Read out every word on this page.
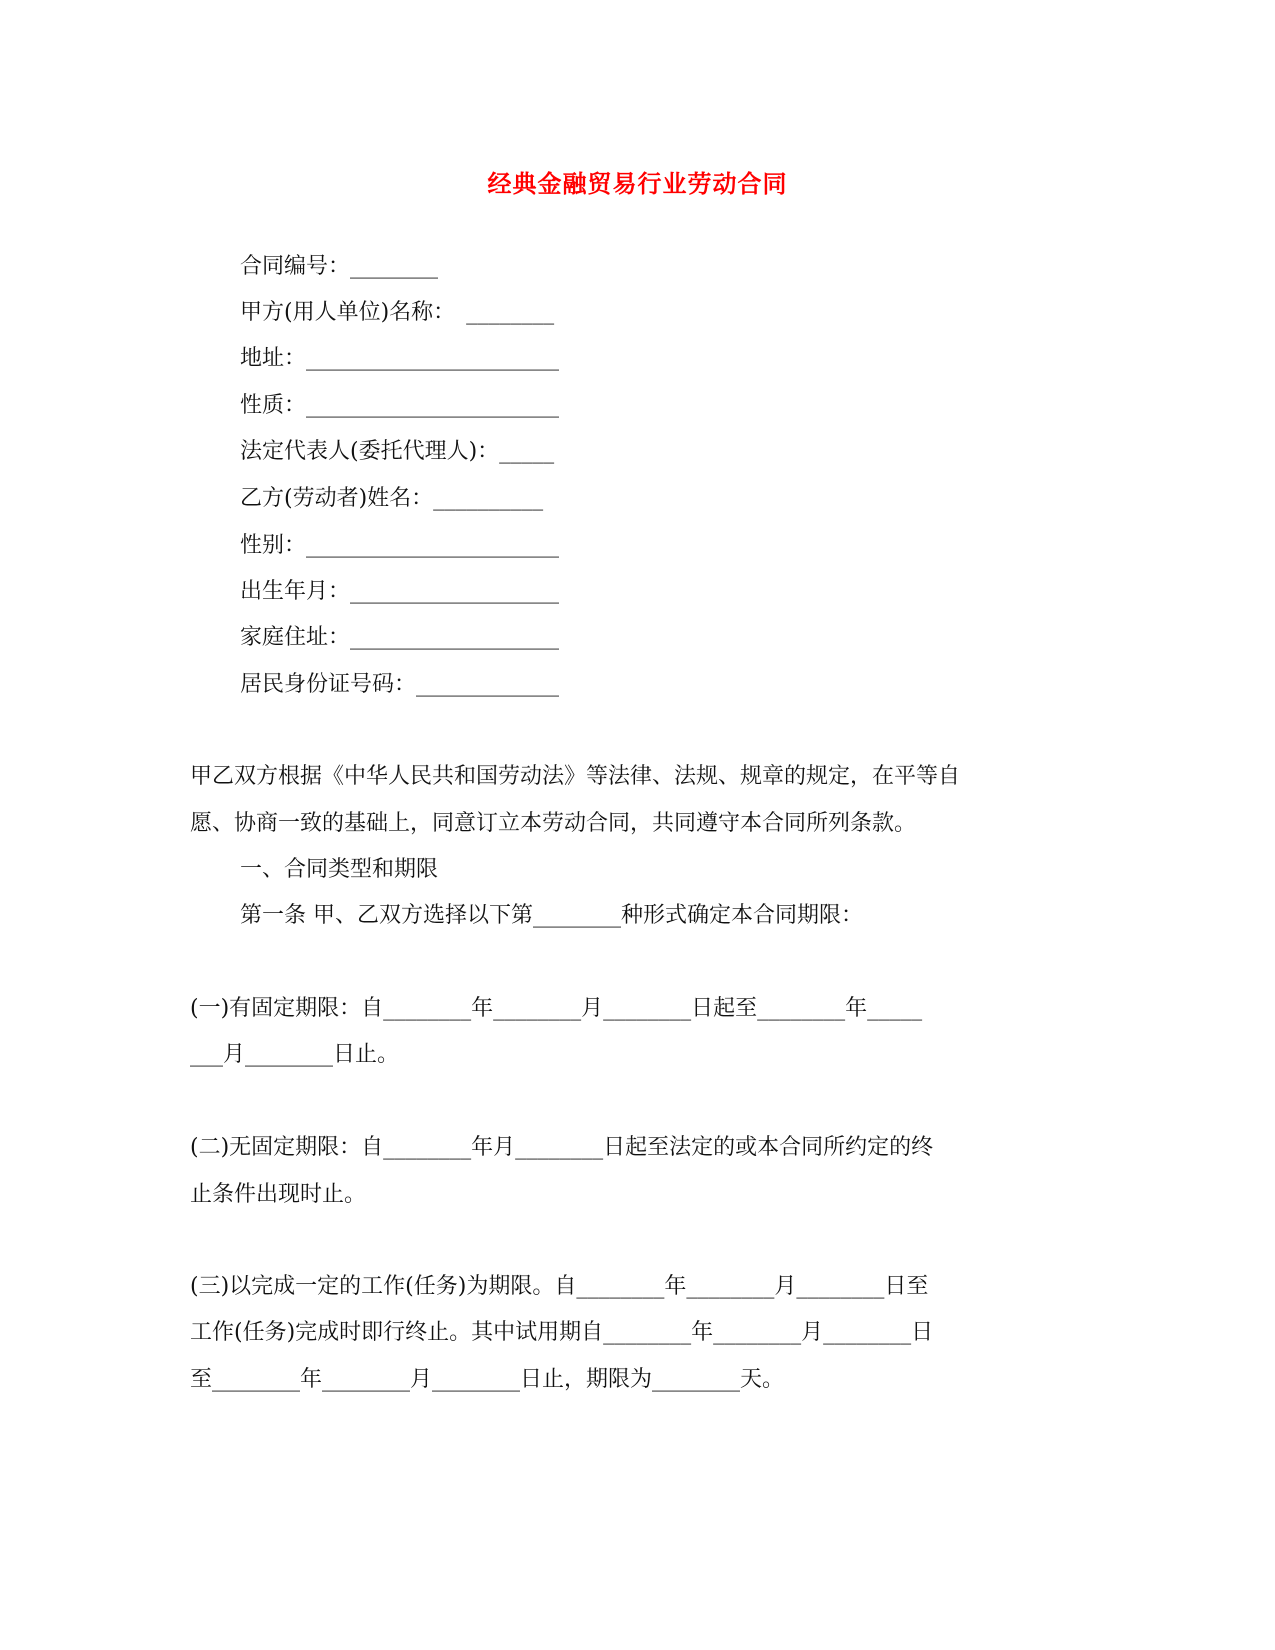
经典金融贸易行业劳动合同
合同编号：________
甲方(用人单位)名称：　________
地址：_______________________
性质：_______________________
法定代表人(委托代理人)：_____
乙方(劳动者)姓名：__________
性别：_______________________
出生年月：___________________
家庭住址：___________________
居民身份证号码：_____________
甲乙双方根据《中华人民共和国劳动法》等法律、法规、规章的规定，在平等自
愿、协商一致的基础上，同意订立本劳动合同，共同遵守本合同所列条款。
一、合同类型和期限
第一条 甲、乙双方选择以下第________种形式确定本合同期限：
(一)有固定期限：自________年________月________日起至________年_____
___月________日止。
(二)无固定期限：自________年月________日起至法定的或本合同所约定的终
止条件出现时止。
(三)以完成一定的工作(任务)为期限。自________年________月________日至
工作(任务)完成时即行终止。其中试用期自________年________月________日
至________年________月________日止，期限为________天。
